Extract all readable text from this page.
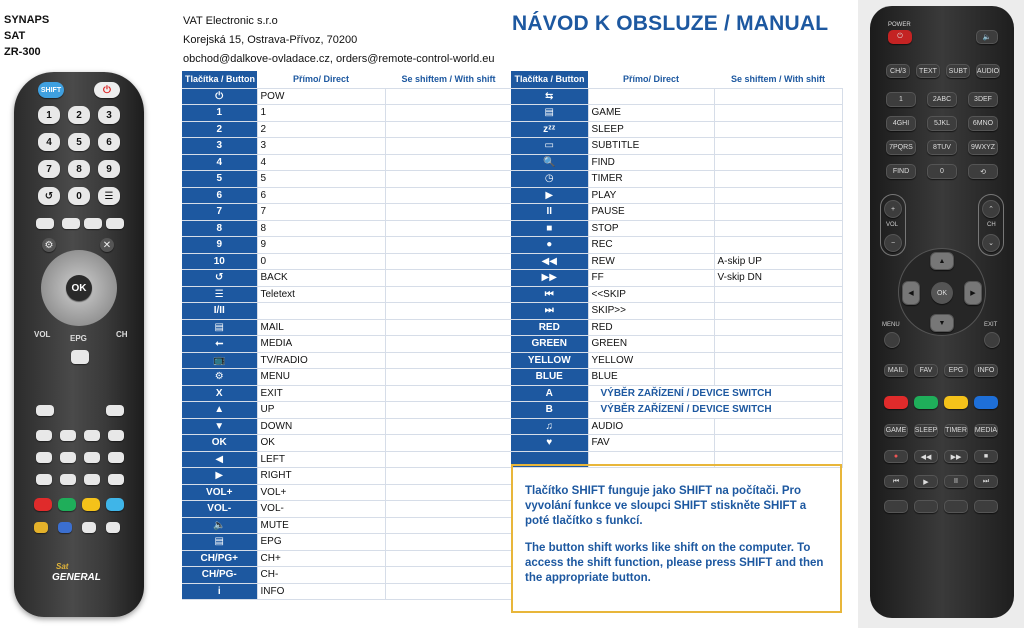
SYNAPS
SAT
ZR-300
VAT Electronic s.r.o
Korejská 15, Ostrava-Přívoz, 70200
obchod@dalkove-ovladace.cz, orders@remote-control-world.eu
NÁVOD K OBSLUZE / MANUAL
SHIFT	⏻
1	2	3
4	5	6
7	8	9
↺	0	☰
⚙	✕
OK
VOL EPG	CH
Sat
GENERAL
Tlačítka / Button	Přímo/ Direct	Se shiftem / With shift
⏻	POW	
1	1	
2	2	
3	3	
4	4	
5	5	
6	6	
7	7	
8	8	
9	9	
10	0	
↺	BACK	
☰	Teletext	
I/II		
▤	MAIL	
⭠	MEDIA	
📺	TV/RADIO	
⚙	MENU	
X	EXIT	
▲	UP	
▼	DOWN	
OK	OK	
◀	LEFT	
▶	RIGHT	
VOL+	VOL+	
VOL-	VOL-	
🔈	MUTE	
▤	EPG	
CH/PG+	CH+	
CH/PG-	CH-	
i	INFO	
Tlačítka / Button	Přímo/ Direct	Se shiftem / With shift
⇆		
▤	GAME	
zᶻᶻ	SLEEP	
▭	SUBTITLE	
🔍	FIND	
◷	TIMER	
▶	PLAY	
II	PAUSE	
■	STOP	
●	REC	
◀◀	REW	A-skip UP
▶▶	FF	V-skip DN
⏮	<<SKIP	
⏭	SKIP>>	
RED	RED	
GREEN	GREEN	
YELLOW	YELLOW	
BLUE	BLUE	
A	VÝBĚR ZAŘÍZENÍ / DEVICE SWITCH	
B	VÝBĚR ZAŘÍZENÍ / DEVICE SWITCH	
♫	AUDIO	
♥	FAV	

Tlačítko SHIFT funguje jako SHIFT na počítači. Pro vyvolání funkce ve sloupci SHIFT stiskněte SHIFT a poté tlačítko s funkcí.

The button shift works like shift on the computer. To access the shift function, please press SHIFT and then the appropriate button.

POWER
⏻	🔈
CH/3	TEXT	SUBT	AUDIO
1	2ABC	3DEF
4GHI	5JKL	6MNO
7PQRS	8TUV	9WXYZ
FIND	0	⟲
+
VOL
−
⌃
CH
⌄
▲
▼
◀	▶
OK
MENU	EXIT
MAIL	FAV	EPG	INFO
GAME SLEEP TIMER MEDIA
●	◀◀	▶▶	■
⏮	▶	II	⏭
